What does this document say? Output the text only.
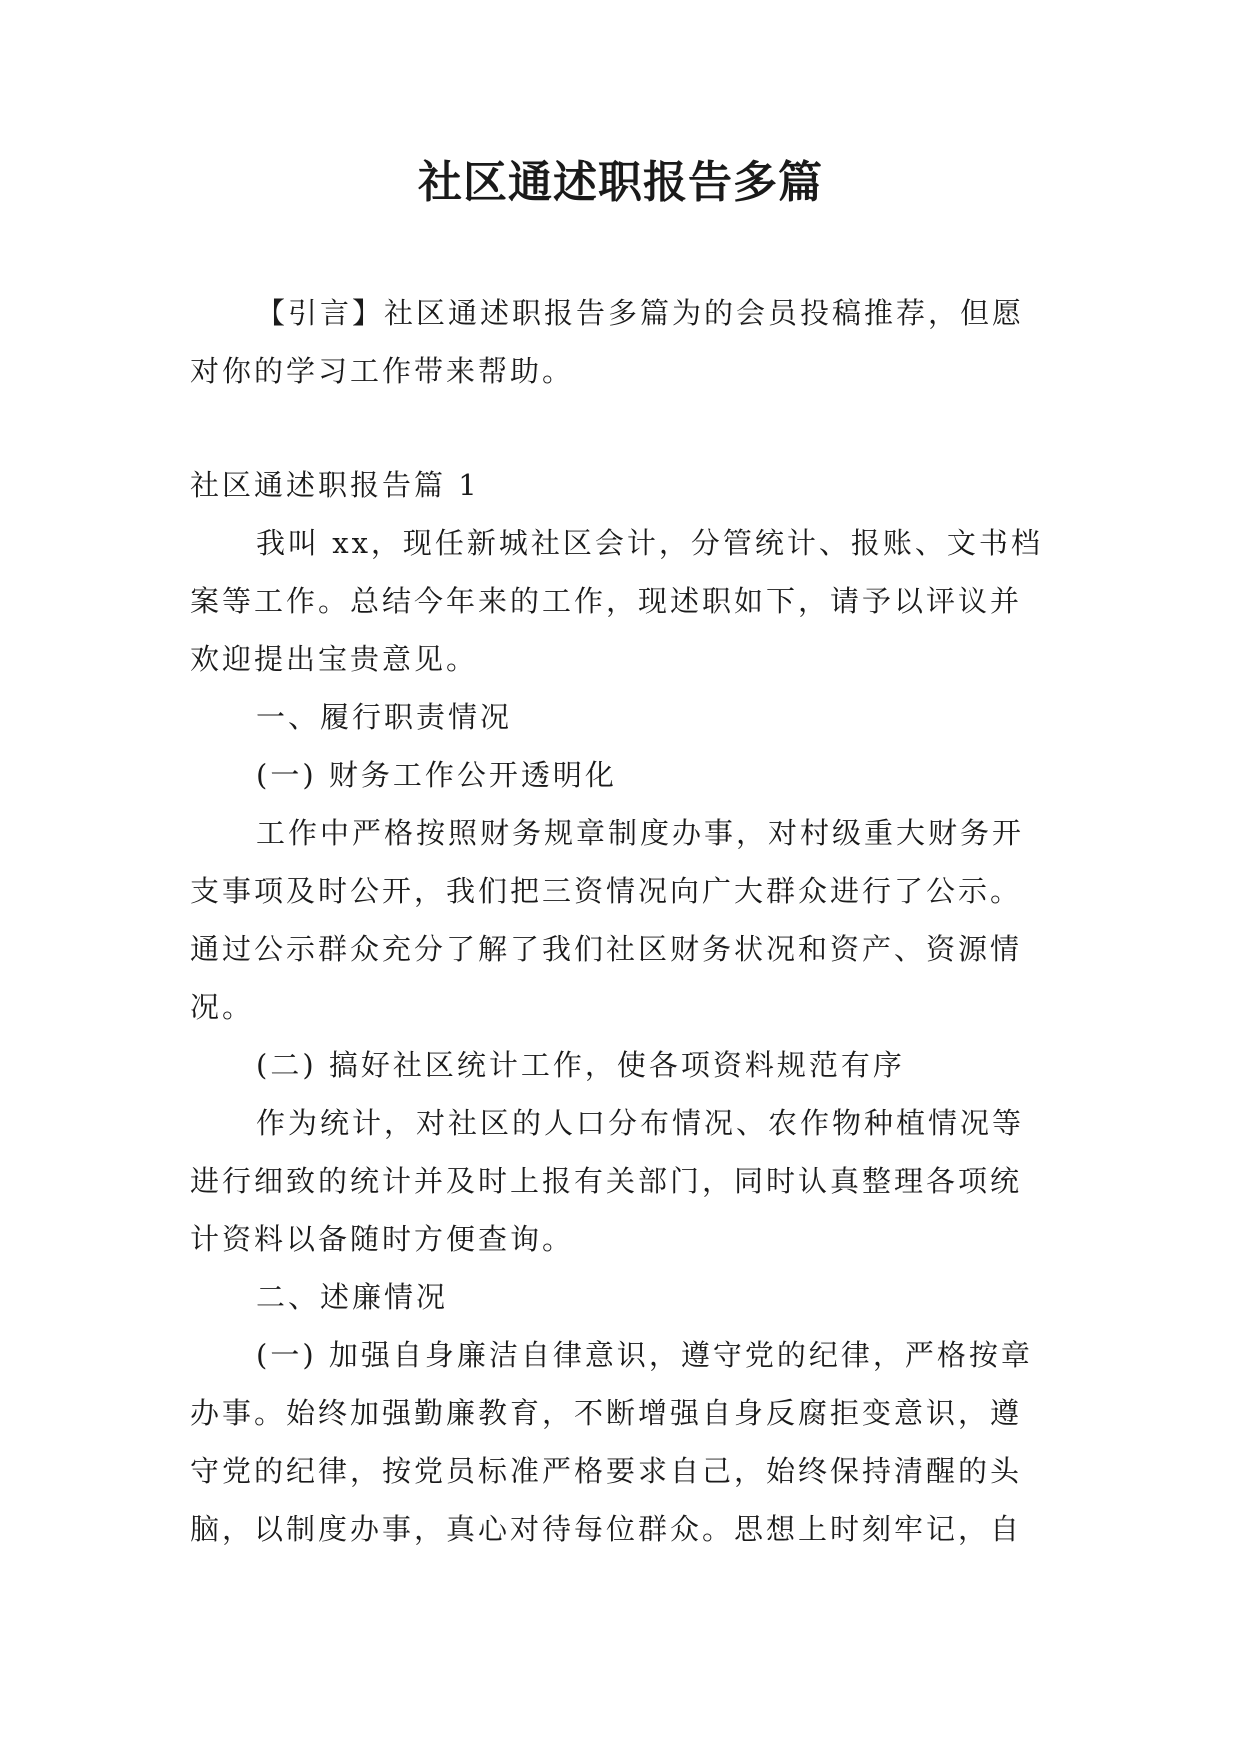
社区通述职报告多篇

【引言】社区通述职报告多篇为的会员投稿推荐，但愿
对你的学习工作带来帮助。

社区通述职报告篇 1

我叫 xx，现任新城社区会计，分管统计、报账、文书档
案等工作。总结今年来的工作，现述职如下，请予以评议并
欢迎提出宝贵意见。

一、履行职责情况

(一) 财务工作公开透明化

工作中严格按照财务规章制度办事，对村级重大财务开
支事项及时公开，我们把三资情况向广大群众进行了公示。
通过公示群众充分了解了我们社区财务状况和资产、资源情
况。

(二) 搞好社区统计工作，使各项资料规范有序

作为统计，对社区的人口分布情况、农作物种植情况等
进行细致的统计并及时上报有关部门，同时认真整理各项统
计资料以备随时方便查询。

二、述廉情况

(一) 加强自身廉洁自律意识，遵守党的纪律，严格按章
办事。始终加强勤廉教育，不断增强自身反腐拒变意识，遵
守党的纪律，按党员标准严格要求自己，始终保持清醒的头
脑，以制度办事，真心对待每位群众。思想上时刻牢记，自
